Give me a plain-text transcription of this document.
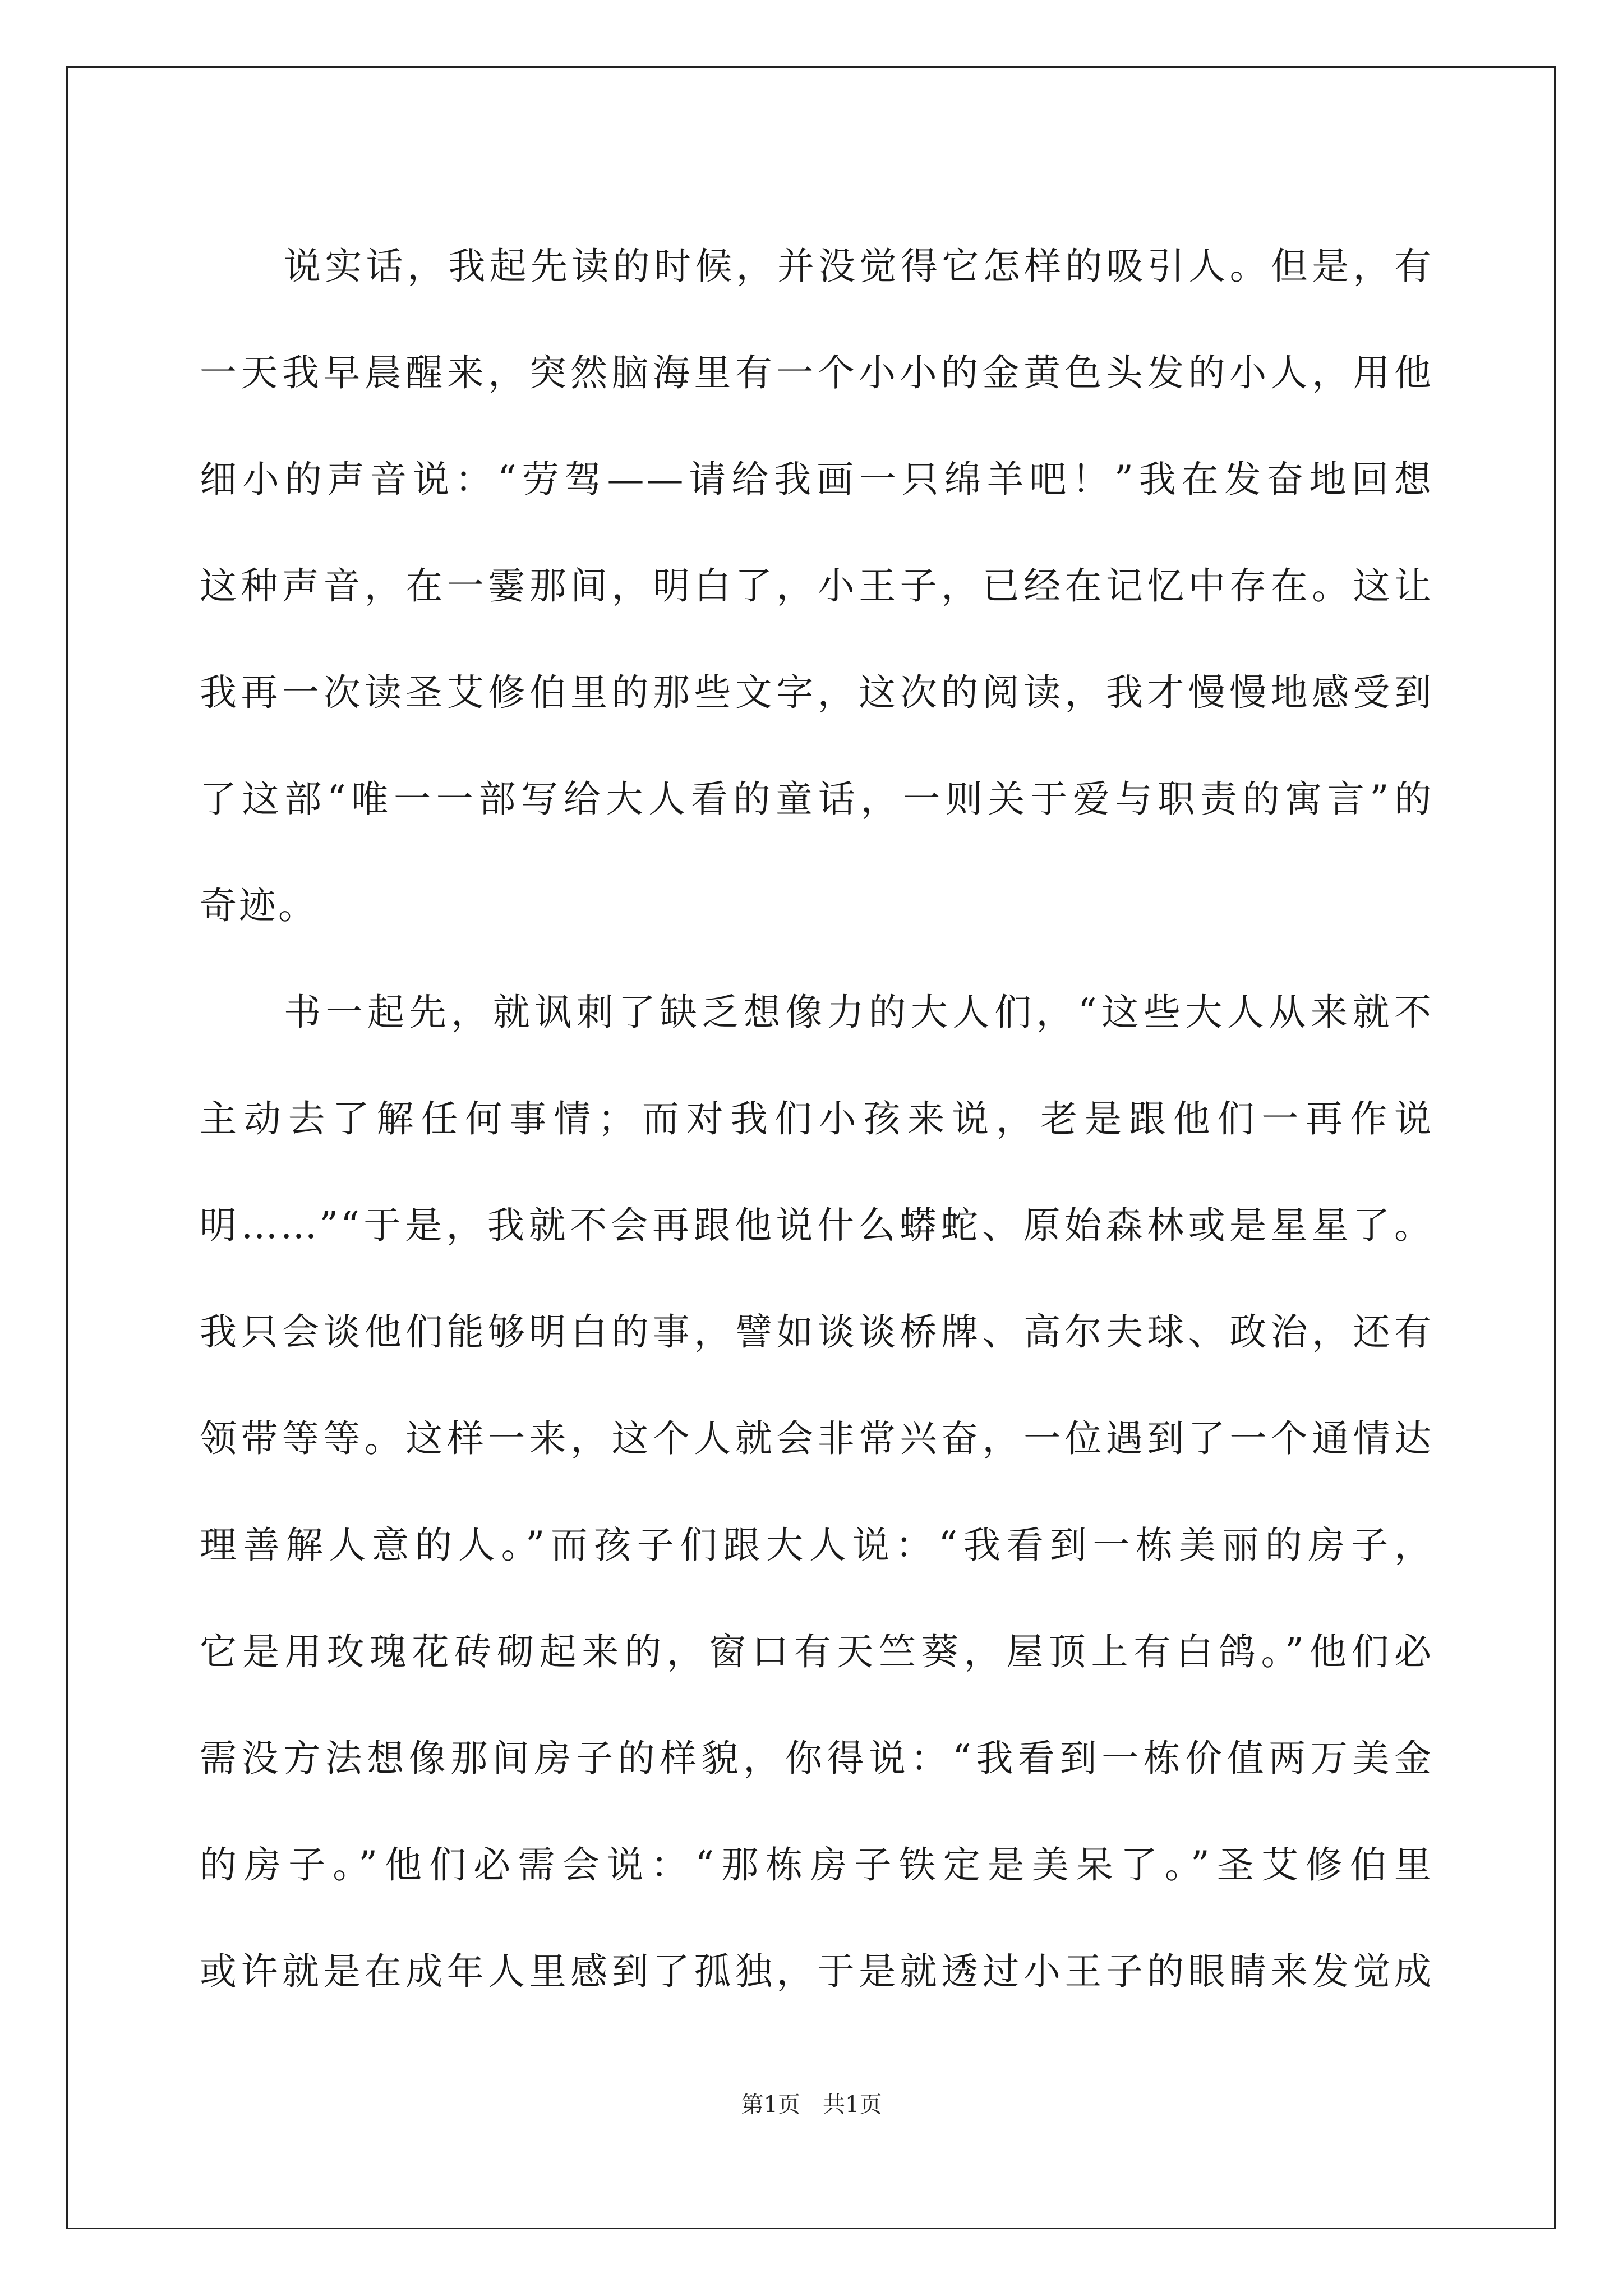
说实话，我起先读的时候，并没觉得它怎样的吸引人。但是，有
一天我早晨醒来，突然脑海里有一个小小的金黄色头发的小人，用他
细小的声音说：“劳驾——请给我画一只绵羊吧！”我在发奋地回想
这种声音，在一霎那间，明白了，小王子，已经在记忆中存在。这让
我再一次读圣艾修伯里的那些文字，这次的阅读，我才慢慢地感受到
了这部“唯一一部写给大人看的童话，一则关于爱与职责的寓言”的
奇迹。
书一起先，就讽刺了缺乏想像力的大人们，“这些大人从来就不
主动去了解任何事情；而对我们小孩来说，老是跟他们一再作说
明……”“于是，我就不会再跟他说什么蟒蛇、原始森林或是星星了。
我只会谈他们能够明白的事，譬如谈谈桥牌、高尔夫球、政治，还有
领带等等。这样一来，这个人就会非常兴奋，一位遇到了一个通情达
理善解人意的人。”而孩子们跟大人说：“我看到一栋美丽的房子，
它是用玫瑰花砖砌起来的，窗口有天竺葵，屋顶上有白鸽。”他们必
需没方法想像那间房子的样貌，你得说：“我看到一栋价值两万美金
的房子。”他们必需会说：“那栋房子铁定是美呆了。”圣艾修伯里
或许就是在成年人里感到了孤独，于是就透过小王子的眼睛来发觉成
第1页　共1页
